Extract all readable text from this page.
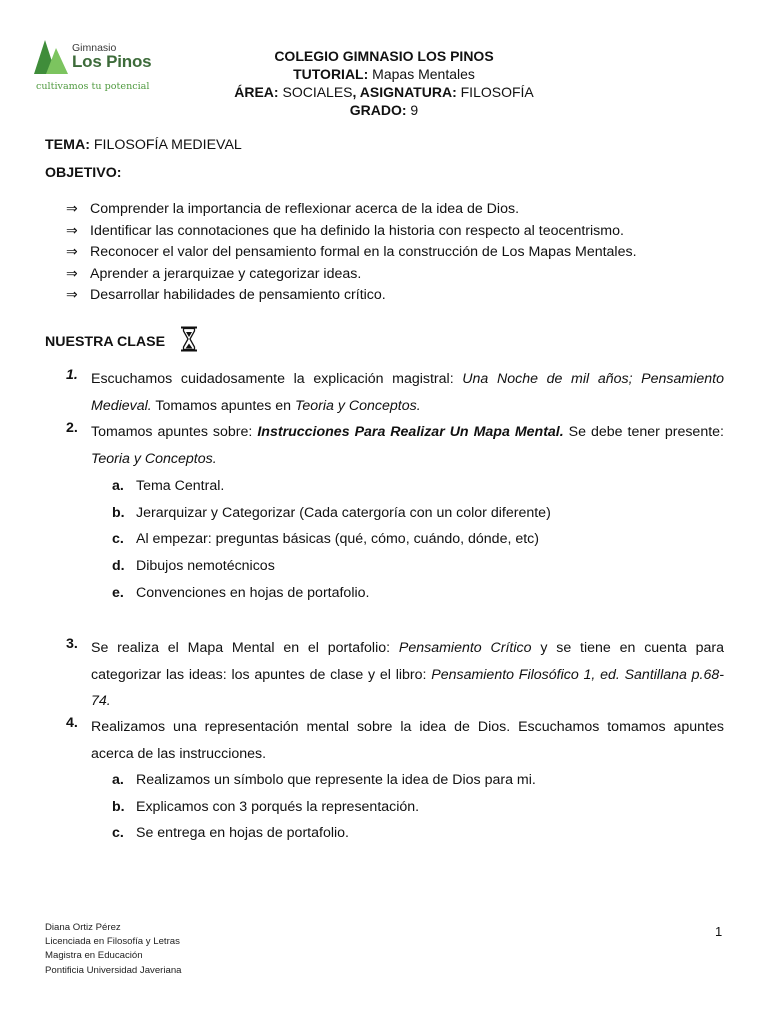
Gimnasio
Los Pinos
cultivamos tu potencial
COLEGIO GIMNASIO LOS PINOS
TUTORIAL: Mapas Mentales
ÁREA: SOCIALES, ASIGNATURA: FILOSOFÍA
GRADO: 9
TEMA: FILOSOFÍA MEDIEVAL
OBJETIVO:
⇒ Comprender la importancia de reflexionar acerca de la idea de Dios.
⇒ Identificar las connotaciones que ha definido la historia con respecto al teocentrismo.
⇒ Reconocer el valor del pensamiento formal en la construcción de Los Mapas Mentales.
⇒ Aprender a jerarquizae y categorizar ideas.
⇒ Desarrollar habilidades de pensamiento crítico.
NUESTRA CLASE
1. Escuchamos cuidadosamente la explicación magistral: Una Noche de mil años; Pensamiento Medieval. Tomamos apuntes en Teoria y Conceptos.
2. Tomamos apuntes sobre: Instrucciones Para Realizar Un Mapa Mental. Se debe tener presente: Teoria y Conceptos.
a. Tema Central.
b. Jerarquizar y Categorizar (Cada catergoría con un color diferente)
c. Al empezar: preguntas básicas (qué, cómo, cuándo, dónde, etc)
d. Dibujos nemotécnicos
e. Convenciones en hojas de portafolio.
3. Se realiza el Mapa Mental en el portafolio: Pensamiento Crítico y se tiene en cuenta para categorizar las ideas: los apuntes de clase y el libro: Pensamiento Filosófico 1, ed. Santillana p.68-74.
4. Realizamos una representación mental sobre la idea de Dios. Escuchamos tomamos apuntes acerca de las instrucciones.
a. Realizamos un símbolo que represente la idea de Dios para mi.
b. Explicamos con 3 porqués la representación.
c. Se entrega en hojas de portafolio.
Diana Ortiz Pérez
Licenciada en Filosofía y Letras
Magistra en Educación
Pontificia Universidad Javeriana
1
